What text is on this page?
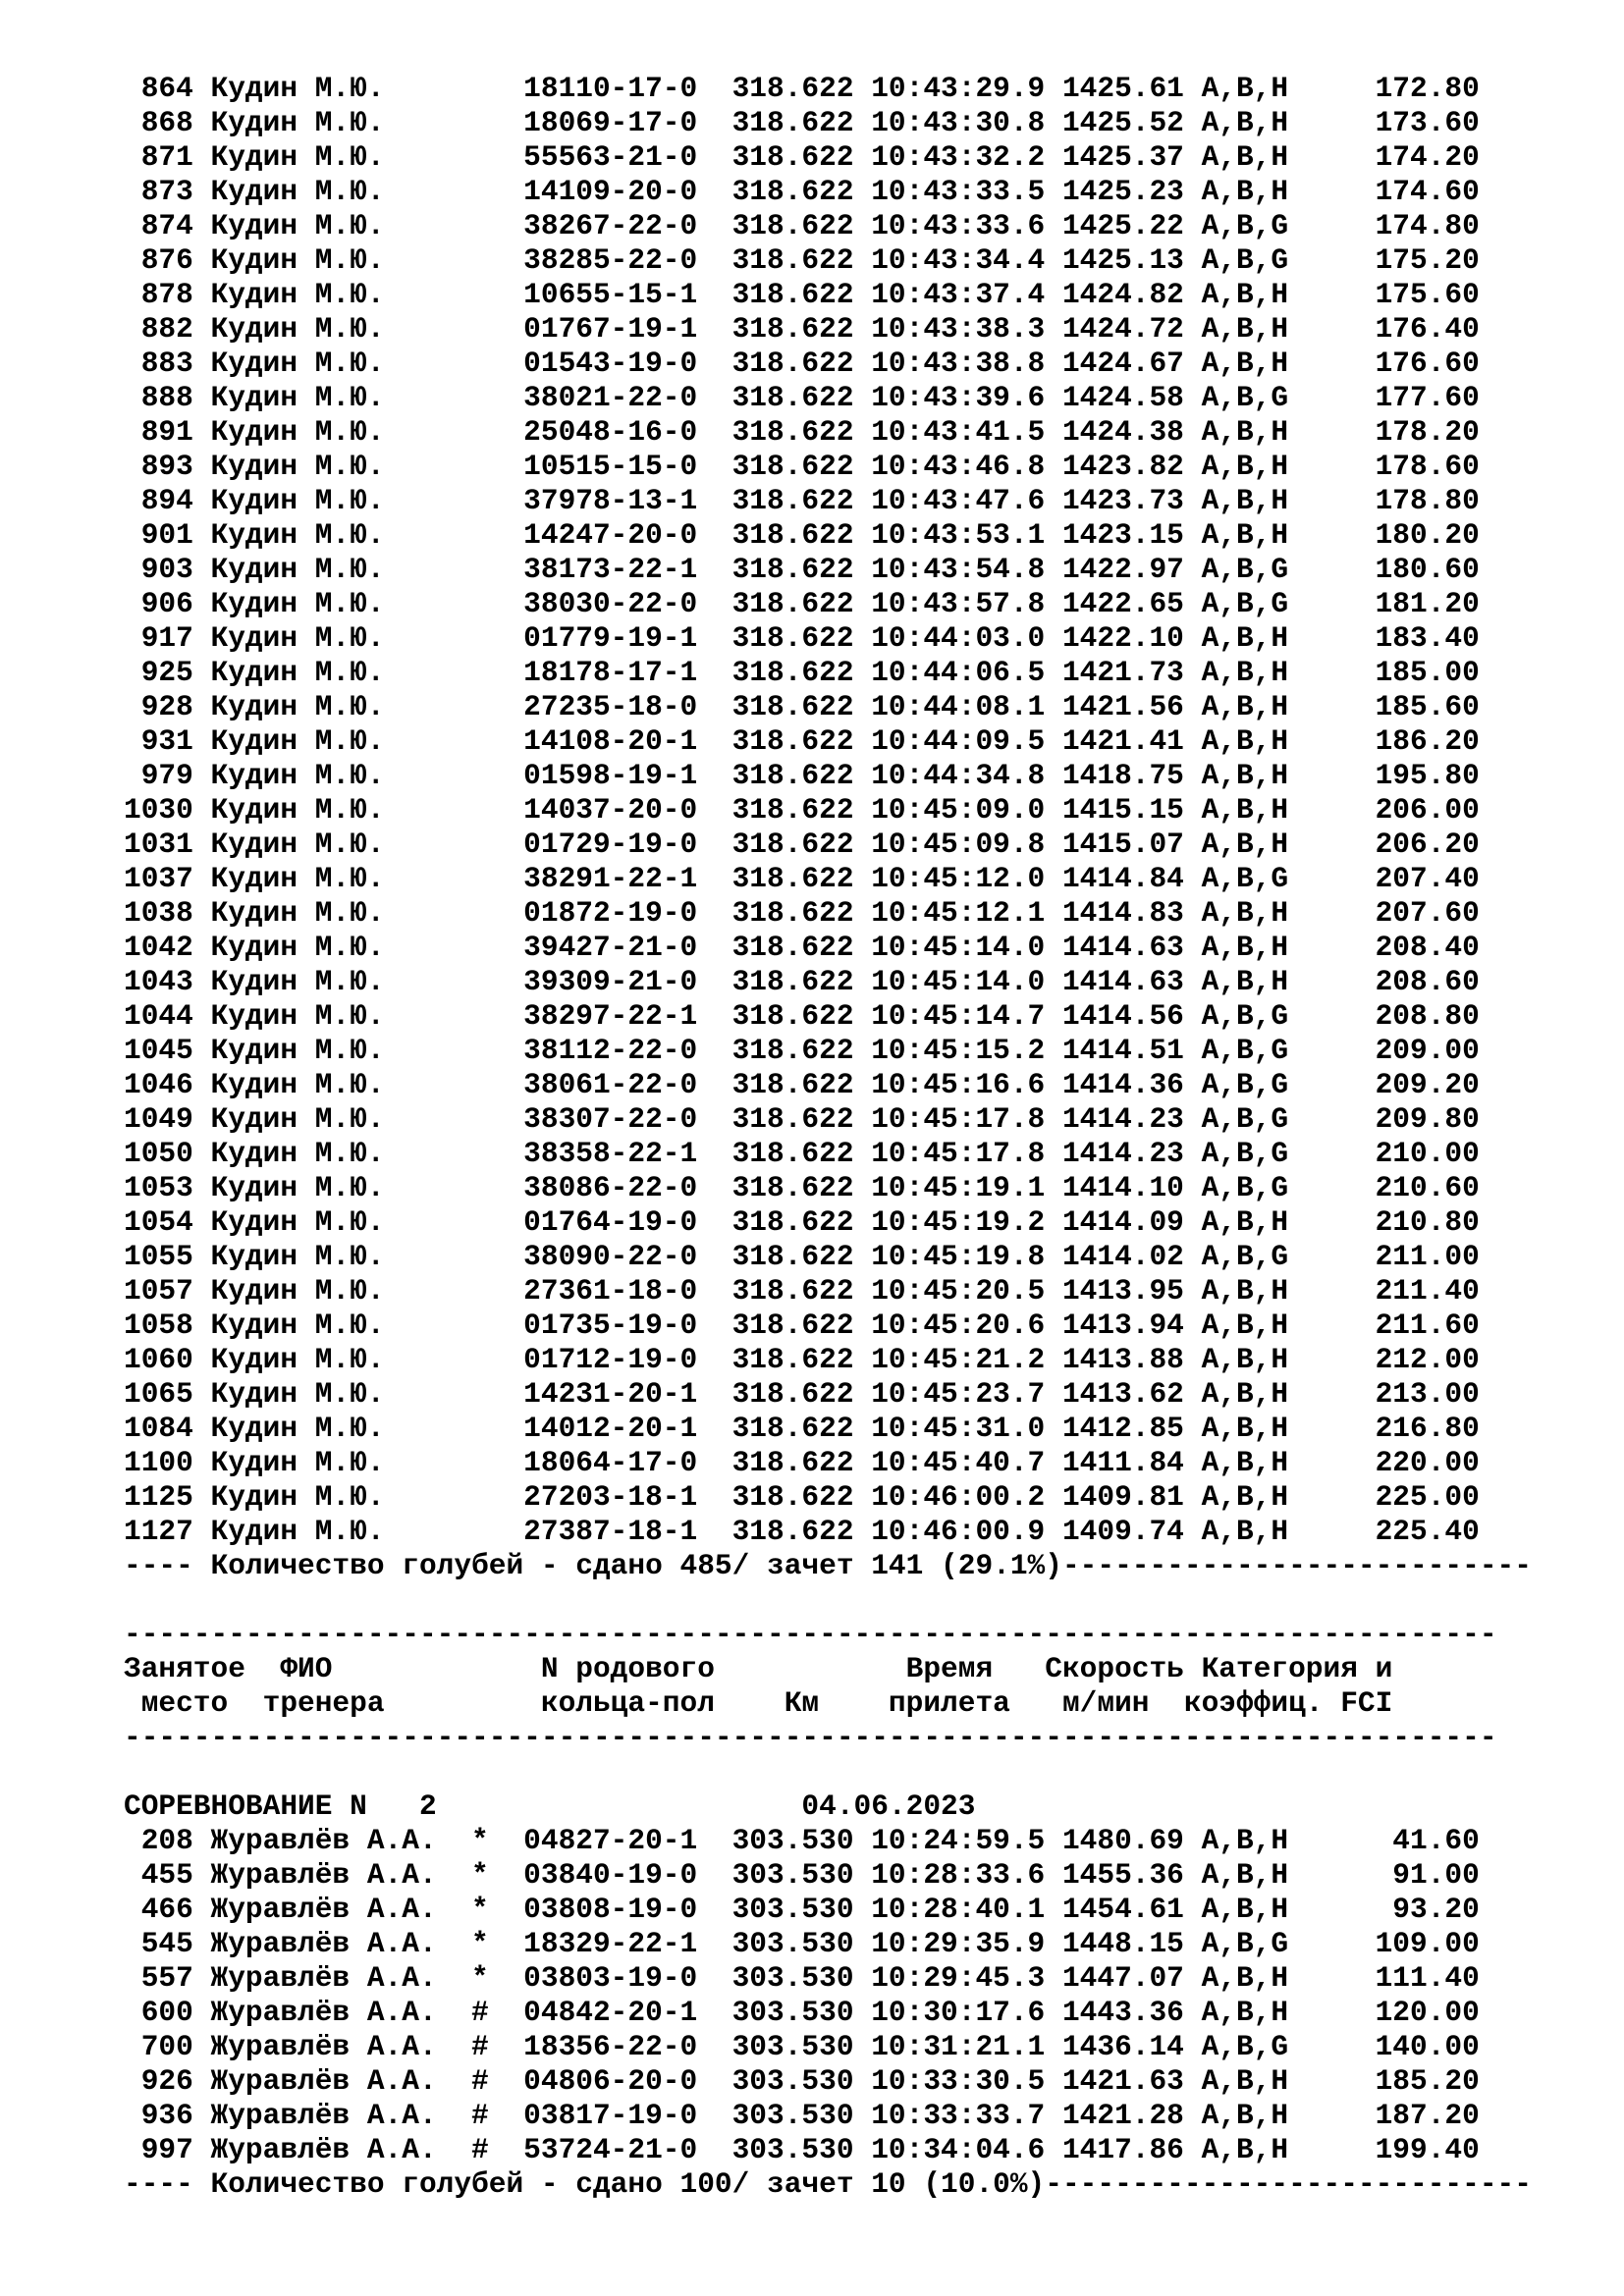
864 Кудин М.Ю.        18110-17-0  318.622 10:43:29.9 1425.61 A,B,H     172.80
868 Кудин М.Ю.        18069-17-0  318.622 10:43:30.8 1425.52 A,B,H     173.60
871 Кудин М.Ю.        55563-21-0  318.622 10:43:32.2 1425.37 A,B,H     174.20
873 Кудин М.Ю.        14109-20-0  318.622 10:43:33.5 1425.23 A,B,H     174.60
874 Кудин М.Ю.        38267-22-0  318.622 10:43:33.6 1425.22 A,B,G     174.80
876 Кудин М.Ю.        38285-22-0  318.622 10:43:34.4 1425.13 A,B,G     175.20
878 Кудин М.Ю.        10655-15-1  318.622 10:43:37.4 1424.82 A,B,H     175.60
882 Кудин М.Ю.        01767-19-1  318.622 10:43:38.3 1424.72 A,B,H     176.40
883 Кудин М.Ю.        01543-19-0  318.622 10:43:38.8 1424.67 A,B,H     176.60
888 Кудин М.Ю.        38021-22-0  318.622 10:43:39.6 1424.58 A,B,G     177.60
891 Кудин М.Ю.        25048-16-0  318.622 10:43:41.5 1424.38 A,B,H     178.20
893 Кудин М.Ю.        10515-15-0  318.622 10:43:46.8 1423.82 A,B,H     178.60
894 Кудин М.Ю.        37978-13-1  318.622 10:43:47.6 1423.73 A,B,H     178.80
901 Кудин М.Ю.        14247-20-0  318.622 10:43:53.1 1423.15 A,B,H     180.20
903 Кудин М.Ю.        38173-22-1  318.622 10:43:54.8 1422.97 A,B,G     180.60
906 Кудин М.Ю.        38030-22-0  318.622 10:43:57.8 1422.65 A,B,G     181.20
917 Кудин М.Ю.        01779-19-1  318.622 10:44:03.0 1422.10 A,B,H     183.40
925 Кудин М.Ю.        18178-17-1  318.622 10:44:06.5 1421.73 A,B,H     185.00
928 Кудин М.Ю.        27235-18-0  318.622 10:44:08.1 1421.56 A,B,H     185.60
931 Кудин М.Ю.        14108-20-1  318.622 10:44:09.5 1421.41 A,B,H     186.20
979 Кудин М.Ю.        01598-19-1  318.622 10:44:34.8 1418.75 A,B,H     195.80
1030 Кудин М.Ю.        14037-20-0  318.622 10:45:09.0 1415.15 A,B,H     206.00
1031 Кудин М.Ю.        01729-19-0  318.622 10:45:09.8 1415.07 A,B,H     206.20
1037 Кудин М.Ю.        38291-22-1  318.622 10:45:12.0 1414.84 A,B,G     207.40
1038 Кудин М.Ю.        01872-19-0  318.622 10:45:12.1 1414.83 A,B,H     207.60
1042 Кудин М.Ю.        39427-21-0  318.622 10:45:14.0 1414.63 A,B,H     208.40
1043 Кудин М.Ю.        39309-21-0  318.622 10:45:14.0 1414.63 A,B,H     208.60
1044 Кудин М.Ю.        38297-22-1  318.622 10:45:14.7 1414.56 A,B,G     208.80
1045 Кудин М.Ю.        38112-22-0  318.622 10:45:15.2 1414.51 A,B,G     209.00
1046 Кудин М.Ю.        38061-22-0  318.622 10:45:16.6 1414.36 A,B,G     209.20
1049 Кудин М.Ю.        38307-22-0  318.622 10:45:17.8 1414.23 A,B,G     209.80
1050 Кудин М.Ю.        38358-22-1  318.622 10:45:17.8 1414.23 A,B,G     210.00
1053 Кудин М.Ю.        38086-22-0  318.622 10:45:19.1 1414.10 A,B,G     210.60
1054 Кудин М.Ю.        01764-19-0  318.622 10:45:19.2 1414.09 A,B,H     210.80
1055 Кудин М.Ю.        38090-22-0  318.622 10:45:19.8 1414.02 A,B,G     211.00
1057 Кудин М.Ю.        27361-18-0  318.622 10:45:20.5 1413.95 A,B,H     211.40
1058 Кудин М.Ю.        01735-19-0  318.622 10:45:20.6 1413.94 A,B,H     211.60
1060 Кудин М.Ю.        01712-19-0  318.622 10:45:21.2 1413.88 A,B,H     212.00
1065 Кудин М.Ю.        14231-20-1  318.622 10:45:23.7 1413.62 A,B,H     213.00
1084 Кудин М.Ю.        14012-20-1  318.622 10:45:31.0 1412.85 A,B,H     216.80
1100 Кудин М.Ю.        18064-17-0  318.622 10:45:40.7 1411.84 A,B,H     220.00
1125 Кудин М.Ю.        27203-18-1  318.622 10:46:00.2 1409.81 A,B,H     225.00
1127 Кудин М.Ю.        27387-18-1  318.622 10:46:00.9 1409.74 A,B,H     225.40
---- Количество голубей - сдано 485/ зачет 141 (29.1%)---------------------------
-------------------------------------------------------------------------------
Занятое  ФИО            N родового           Время   Скорость Категория и
место  тренера         кольца-пол    Км    прилета   м/мин  коэффиц. FCI
-------------------------------------------------------------------------------
СОРЕВНОВАНИЕ N   2                     04.06.2023
208 Журавлёв А.А.  *  04827-20-1  303.530 10:24:59.5 1480.69 A,B,H      41.60
455 Журавлёв А.А.  *  03840-19-0  303.530 10:28:33.6 1455.36 A,B,H      91.00
466 Журавлёв А.А.  *  03808-19-0  303.530 10:28:40.1 1454.61 A,B,H      93.20
545 Журавлёв А.А.  *  18329-22-1  303.530 10:29:35.9 1448.15 A,B,G     109.00
557 Журавлёв А.А.  *  03803-19-0  303.530 10:29:45.3 1447.07 A,B,H     111.40
600 Журавлёв А.А.  #  04842-20-1  303.530 10:30:17.6 1443.36 A,B,H     120.00
700 Журавлёв А.А.  #  18356-22-0  303.530 10:31:21.1 1436.14 A,B,G     140.00
926 Журавлёв А.А.  #  04806-20-0  303.530 10:33:30.5 1421.63 A,B,H     185.20
936 Журавлёв А.А.  #  03817-19-0  303.530 10:33:33.7 1421.28 A,B,H     187.20
997 Журавлёв А.А.  #  53724-21-0  303.530 10:34:04.6 1417.86 A,B,H     199.40
---- Количество голубей - сдано 100/ зачет 10 (10.0%)----------------------------
